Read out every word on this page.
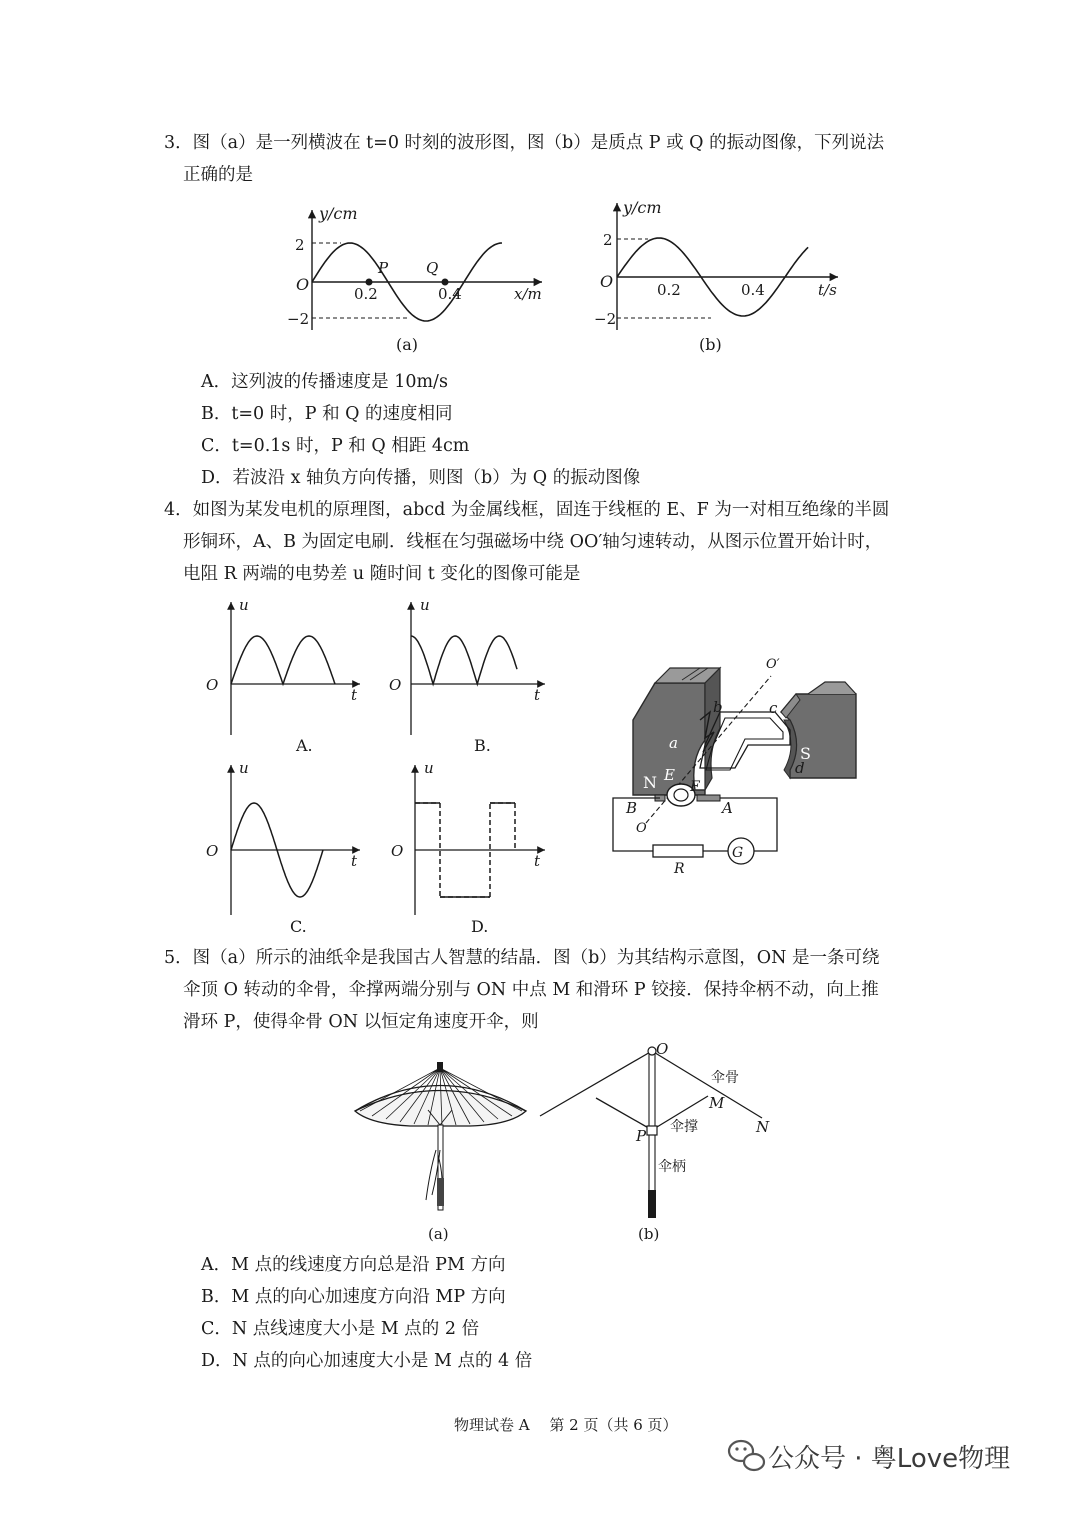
3．图（a）是一列横波在 t=0 时刻的波形图，图（b）是质点 P 或 Q 的振动图像，下列说法
正确的是
y/cm
O
2
−2
0.2	0.4
P	Q
x/m
(a)
y/cm
O
2
−2
0.2	0.4	t/s
(b)
A．这列波的传播速度是 10m/s
B．t=0 时，P 和 Q 的速度相同
C．t=0.1s 时，P 和 Q 相距 4cm
D．若波沿 x 轴负方向传播，则图（b）为 Q 的振动图像
4．如图为某发电机的原理图，abcd 为金属线框，固连于线框的 E、F 为一对相互绝缘的半圆
形铜环，A、B 为固定电刷．线框在匀强磁场中绕 OO′轴匀速转动，从图示位置开始计时，
电阻 R 两端的电势差 u 随时间 t 变化的图像可能是
u
O
t
A.
u
O
t
B.
u
O
t
C.
u
O
t
D.
N
S
G
R
b	c
a
d
E
F
B	A
O′
O
5．图（a）所示的油纸伞是我国古人智慧的结晶．图（b）为其结构示意图，ON 是一条可绕
伞顶 O 转动的伞骨，伞撑两端分别与 ON 中点 M 和滑环 P 铰接．保持伞柄不动，向上推
滑环 P，使得伞骨 ON 以恒定角速度开伞，则
(a)
O
M
N
P
伞骨
伞撑
伞柄
(b)
A．M 点的线速度方向总是沿 PM 方向
B．M 点的向心加速度方向沿 MP 方向
C．N 点线速度大小是 M 点的 2 倍
D．N 点的向心加速度大小是 M 点的 4 倍
物理试卷 A　 第 2 页（共 6 页）
公众号 · 粤Love物理
